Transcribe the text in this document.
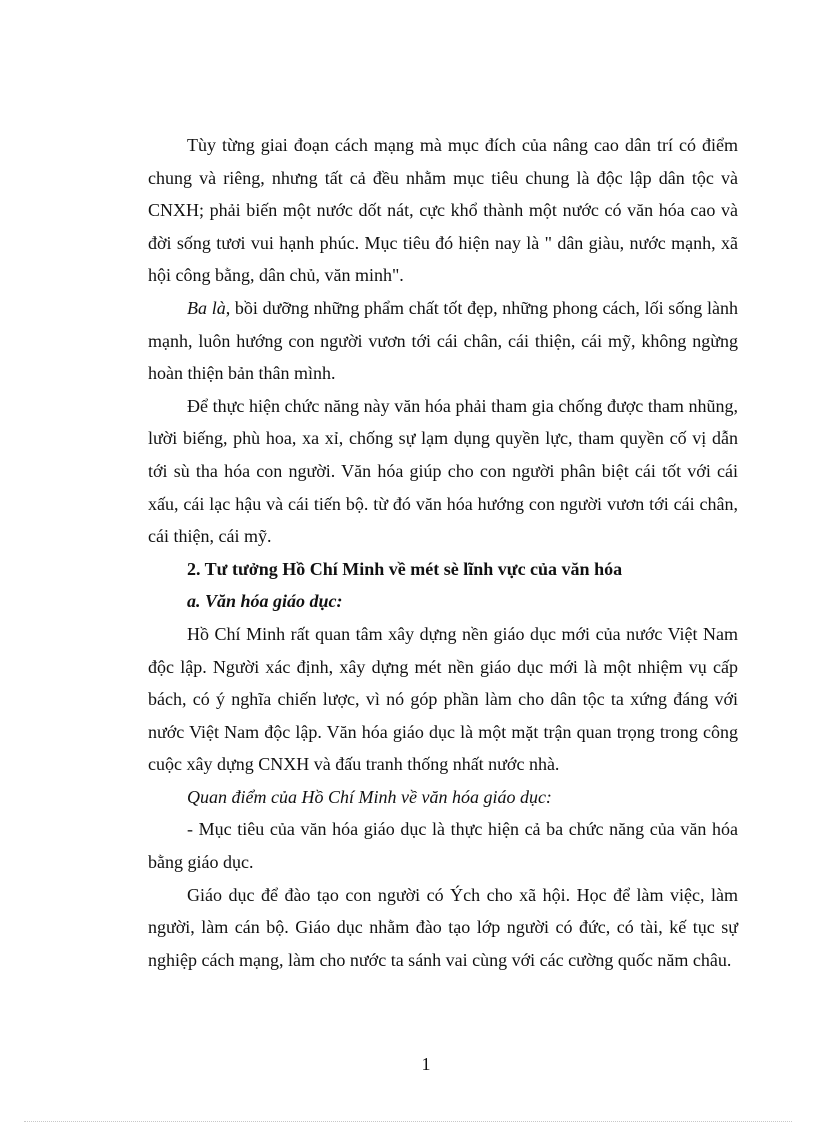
Tùy từng giai đoạn cách mạng mà mục đích của nâng cao dân trí có điểm chung và riêng, nhưng tất cả đều nhằm mục tiêu chung là độc lập dân tộc và CNXH; phải biến một nước dốt nát, cực khổ thành một nước có văn hóa cao và đời sống tươi vui hạnh phúc. Mục tiêu đó hiện nay là " dân giàu, nước mạnh, xã hội công bằng, dân chủ, văn minh".

Ba là, bồi dưỡng những phẩm chất tốt đẹp, những phong cách, lối sống lành mạnh, luôn hướng con người vươn tới cái chân, cái thiện, cái mỹ, không ngừng hoàn thiện bản thân mình.

Để thực hiện chức năng này văn hóa phải tham gia chống được tham nhũng, lười biếng, phù hoa, xa xỉ, chống sự lạm dụng quyền lực, tham quyền cố vị dẫn tới sù tha hóa con người. Văn hóa giúp cho con người phân biệt cái tốt với cái xấu, cái lạc hậu và cái tiến bộ. từ đó văn hóa hướng con người vươn tới cái chân, cái thiện, cái mỹ.

2. Tư tưởng Hồ Chí Minh về mét sè lĩnh vực của văn hóa

a. Văn hóa giáo dục:

Hồ Chí Minh rất quan tâm xây dựng nền giáo dục mới của nước Việt Nam độc lập. Người xác định, xây dựng mét nền giáo dục mới là một nhiệm vụ cấp bách, có ý nghĩa chiến lược, vì nó góp phần làm cho dân tộc ta xứng đáng với nước Việt Nam độc lập. Văn hóa giáo dục là một mặt trận quan trọng trong công cuộc xây dựng CNXH và đấu tranh thống nhất nước nhà.

Quan điểm của Hồ Chí Minh về văn hóa giáo dục:

- Mục tiêu của văn hóa giáo dục là thực hiện cả ba chức năng của văn hóa bằng giáo dục.

Giáo dục để đào tạo con người có Ých cho xã hội. Học để làm việc, làm người, làm cán bộ. Giáo dục nhằm đào tạo lớp người có đức, có tài, kế tục sự nghiệp cách mạng, làm cho nước ta sánh vai cùng với các cường quốc năm châu.

1
